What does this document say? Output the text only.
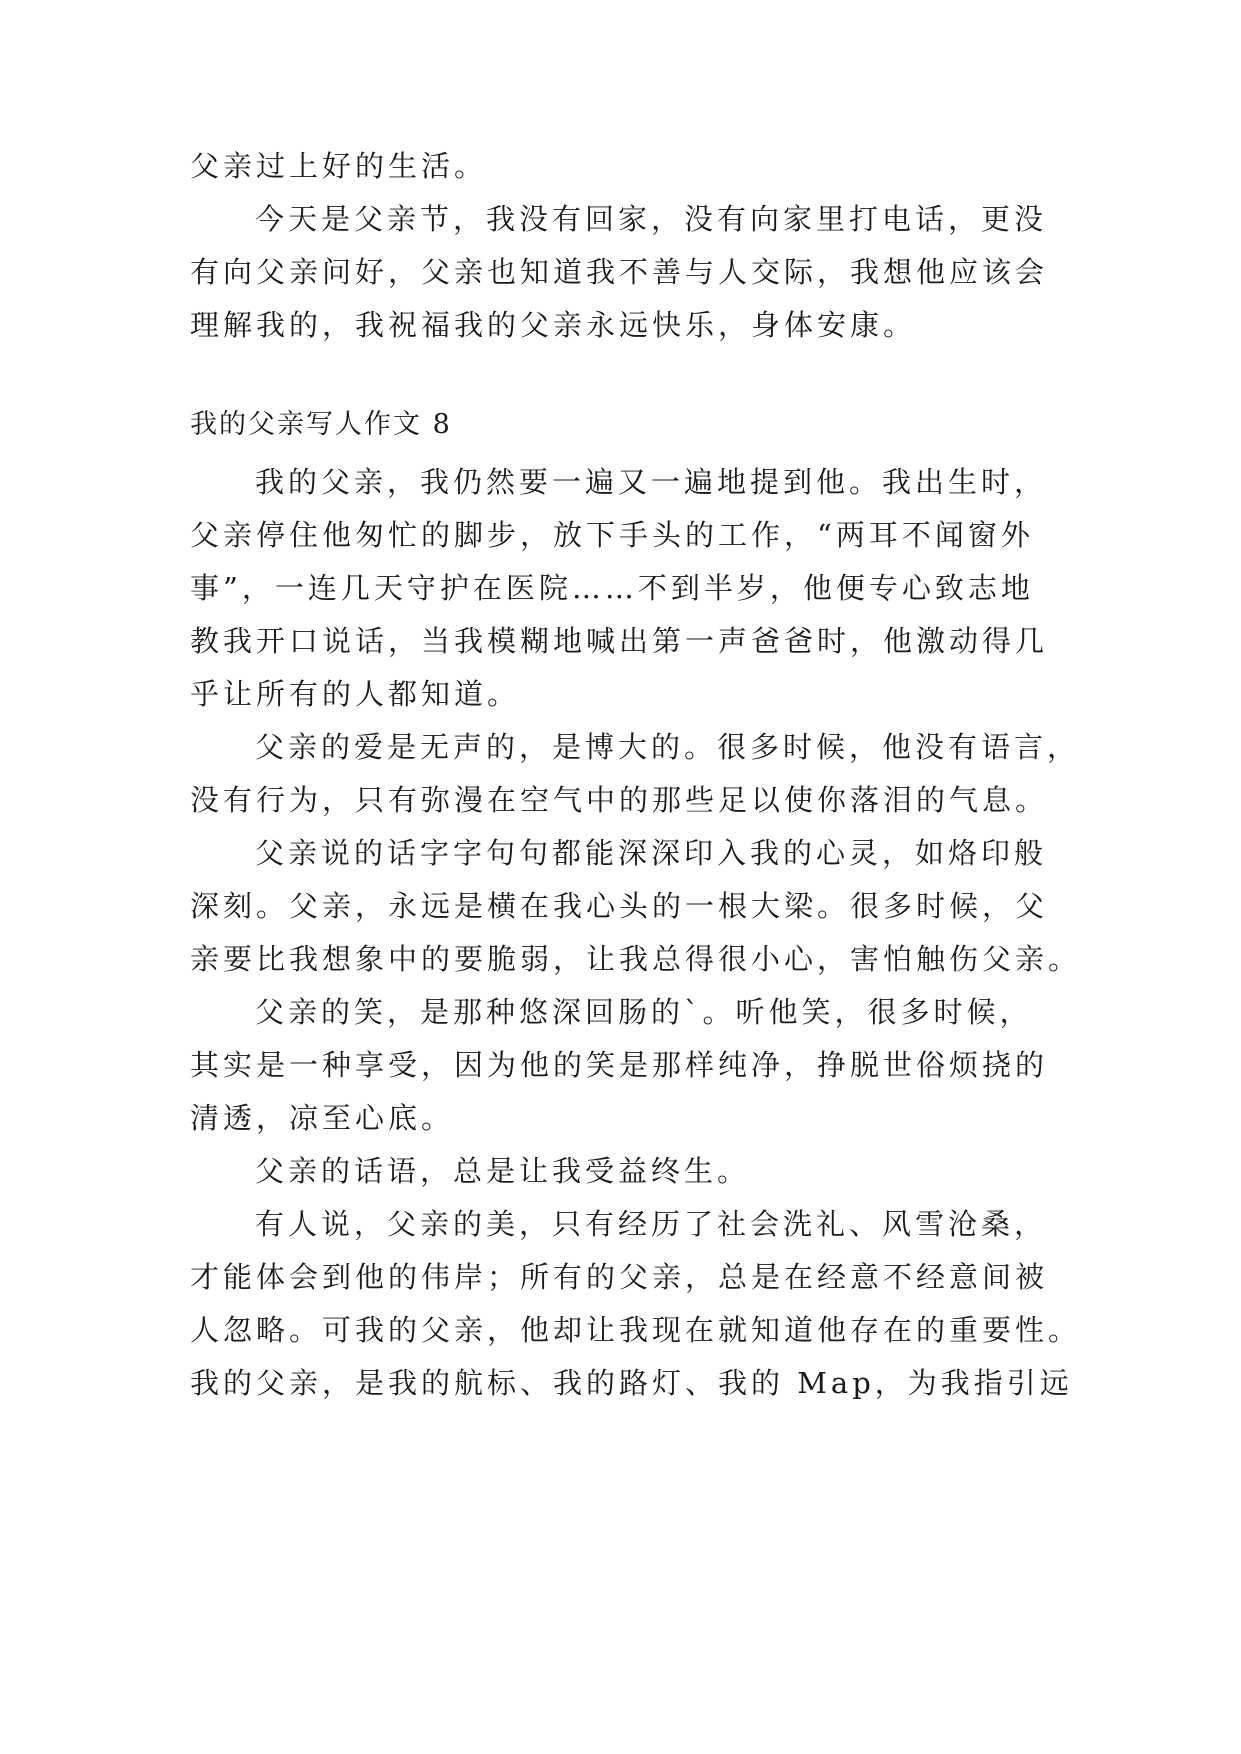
父亲过上好的生活。

今天是父亲节，我没有回家，没有向家里打电话，更没

有向父亲问好，父亲也知道我不善与人交际，我想他应该会

理解我的，我祝福我的父亲永远快乐，身体安康。

我的父亲写人作文 8

我的父亲，我仍然要一遍又一遍地提到他。我出生时，

父亲停住他匆忙的脚步，放下手头的工作，“两耳不闻窗外

事”，一连几天守护在医院……不到半岁，他便专心致志地

教我开口说话，当我模糊地喊出第一声爸爸时，他激动得几

乎让所有的人都知道。

父亲的爱是无声的，是博大的。很多时候，他没有语言，

没有行为，只有弥漫在空气中的那些足以使你落泪的气息。

父亲说的话字字句句都能深深印入我的心灵，如烙印般

深刻。父亲，永远是横在我心头的一根大梁。很多时候，父

亲要比我想象中的要脆弱，让我总得很小心，害怕触伤父亲。

父亲的笑，是那种悠深回肠的`。听他笑，很多时候，

其实是一种享受，因为他的笑是那样纯净，挣脱世俗烦挠的

清透，凉至心底。

父亲的话语，总是让我受益终生。

有人说，父亲的美，只有经历了社会洗礼、风雪沧桑，

才能体会到他的伟岸；所有的父亲，总是在经意不经意间被

人忽略。可我的父亲，他却让我现在就知道他存在的重要性。

我的父亲，是我的航标、我的路灯、我的 Map，为我指引远
